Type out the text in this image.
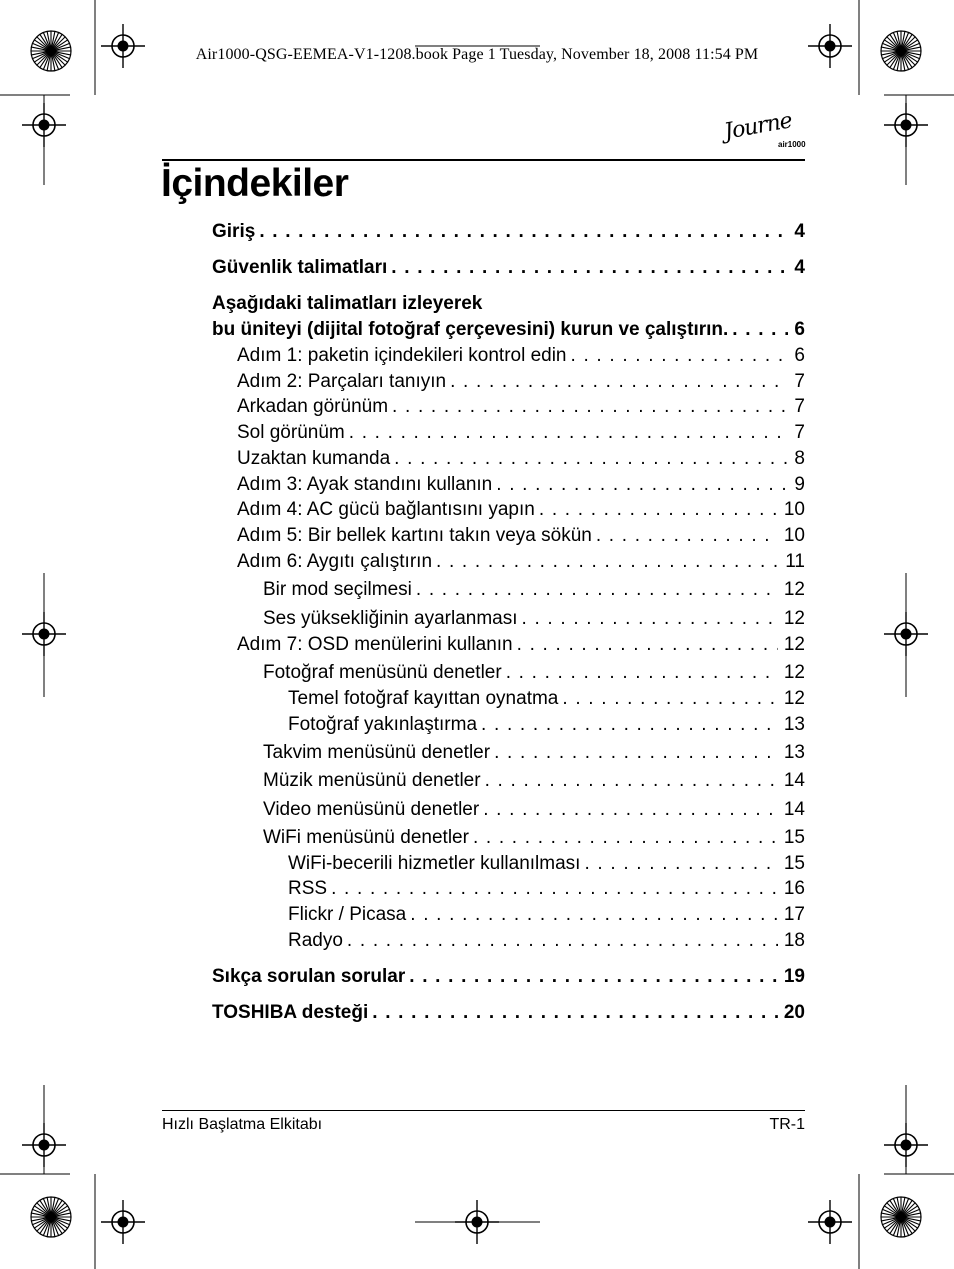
Air1000-QSG-EEMEA-V1-1208.book Page 1 Tuesday, November 18, 2008 11:54 PM
Journe
air1000
İçindekiler
Giriş . . .	4
Güvenlik talimatları . . .	4
Aşağıdaki talimatları izleyerek
bu üniteyi (dijital fotoğraf çerçevesini) kurun ve çalıştırın. . . .	6
Adım 1: paketin içindekileri kontrol edin . . .	6
Adım 2: Parçaları tanıyın . . .	7
Arkadan görünüm . . .	7
Sol görünüm . . .	7
Uzaktan kumanda . . .	8
Adım 3: Ayak standını kullanın . . .	9
Adım 4: AC gücü bağlantısını yapın . . .	10
Adım 5: Bir bellek kartını takın veya sökün . . .	10
Adım 6: Aygıtı çalıştırın . . .	11
Bir mod seçilmesi . . .	12
Ses yüksekliğinin ayarlanması . . .	12
Adım 7: OSD menülerini kullanın . . .	12
Fotoğraf menüsünü denetler . . .	12
Temel fotoğraf kayıttan oynatma . . .	12
Fotoğraf yakınlaştırma . . .	13
Takvim menüsünü denetler . . .	13
Müzik menüsünü denetler . . .	14
Video menüsünü denetler . . .	14
WiFi menüsünü denetler . . .	15
WiFi-becerili hizmetler kullanılması . . .	15
RSS . . .	16
Flickr / Picasa . . .	17
Radyo . . .	18
Sıkça sorulan sorular . . .	19
TOSHIBA desteği . . .	20
Hızlı Başlatma Elkitabı	TR-1
